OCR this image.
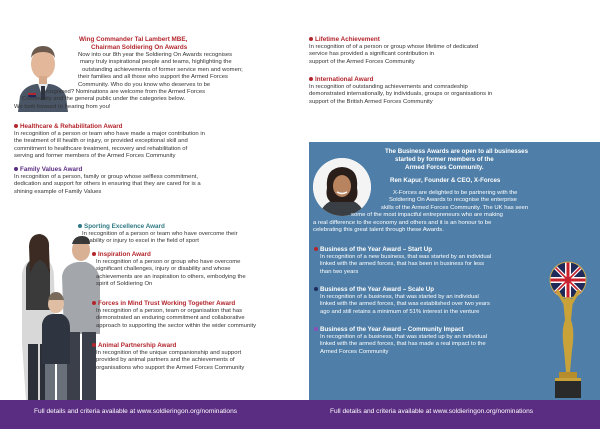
Wing Commander Tal Lambert MBE,
Chairman Soldiering On Awards
Now into our 8th year the Soldiering On Awards recognises
many truly inspirational people and teams, highlighting the
outstanding achievements of former service men and women;
their families and all those who support the Armed Forces
Community. Who do you know who deserves to be
recognised? Nominations are welcome from the Armed Forces
Community and the general public under the categories below.
We look forward to hearing from you!
Healthcare & Rehabilitation Award
In recognition of a person or team who have made a major contribution in
the treatment of ill health or injury, or provided exceptional skill and
commitment to healthcare treatment, recovery and rehabilitation of
serving and former members of the Armed Forces Community
Family Values Award
In recognition of a person, family or group whose selfless commitment,
dedication and support for others in ensuring that they are cared for is a
shining example of Family Values
Sporting Excellence Award
In recognition of a person or team who have overcome their
disability or injury to excel in the field of sport
Inspiration Award
In recognition of a person or group who have overcome
significant challenges, injury or disability and whose
achievements are an inspiration to others, embodying the
spirit of Soldiering On
Forces in Mind Trust Working Together Award
In recognition of a person, team or organisation that has
demonstrated an enduring commitment and collaborative
approach to supporting the sector within the wider community
Animal Partnership Award
In recognition of the unique companionship and support
provided by animal partners and the achievements of
organisations who support the Armed Forces Community
Lifetime Achievement
In recognition of of a person or group whose lifetime of dedicated
service has provided a significant contribution in
support of the Armed Forces Community
International Award
In recognition of outstanding achievements and comradeship
demonstrated internationally, by individuals, groups or organisations in
support of the British Armed Forces Community
The Business Awards are open to all businesses
started by former members of the
Armed Forces Community.
Ren Kapur, Founder & CEO, X-Forces
X-Forces are delighted to be partnering with the
Soldiering On Awards to recognise the enterprise
skills of the Armed Forces Community. The UK has seen
some of the most impactful entrepreneurs who are making
a real difference to the economy and others and it is an honour to be
celebrating this great talent through these Awards.
Business of the Year Award – Start Up
In recognition of a new business, that was started by an individual
linked with the armed forces, that has been in business for less
than two years
Business of the Year Award – Scale Up
In recognition of a business, that was started by an individual
linked with the armed forces, that was established over two years
ago and still retains a minimum of 51% interest in the venture
Business of the Year Award – Community Impact
In recognition of a business, that was started up by an individual
linked with the armed forces, that has made a real impact to the
Armed Forces Community
Full details and criteria available at www.soldieringon.org/nominations	Full details and criteria available at www.soldieringon.org/nominations
